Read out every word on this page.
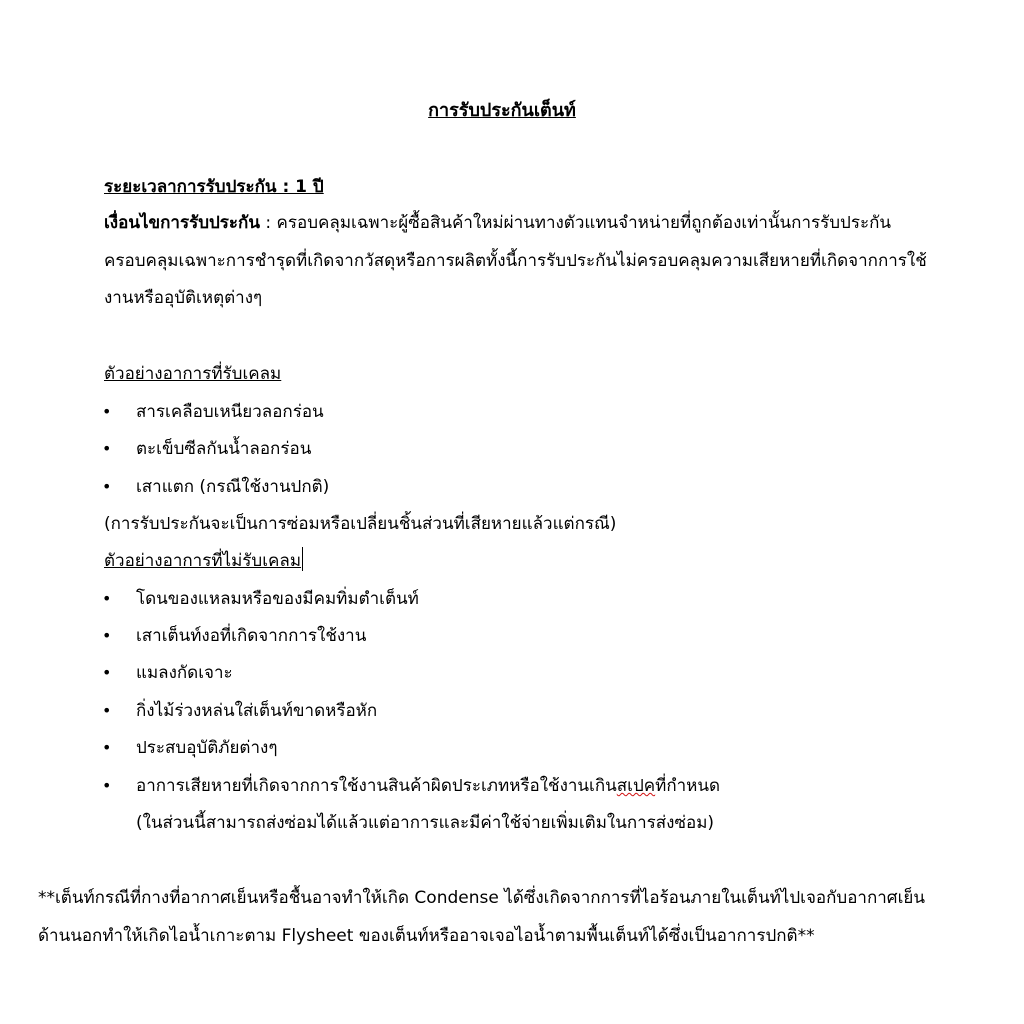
การรับประกันเต็นท์
ระยะเวลาการรับประกัน : 1 ปี
เงื่อนไขการรับประกัน : ครอบคลุมเฉพาะผู้ซื้อสินค้าใหม่ผ่านทางตัวแทนจำหน่ายที่ถูกต้องเท่านั้นการรับประกัน
ครอบคลุมเฉพาะการชำรุดที่เกิดจากวัสดุหรือการผลิตทั้งนี้การรับประกันไม่ครอบคลุมความเสียหายที่เกิดจากการใช้
งานหรืออุบัติเหตุต่างๆ
ตัวอย่างอาการที่รับเคลม
• สารเคลือบเหนียวลอกร่อน
• ตะเข็บซีลกันน้ำลอกร่อน
• เสาแตก (กรณีใช้งานปกติ)
(การรับประกันจะเป็นการซ่อมหรือเปลี่ยนชิ้นส่วนที่เสียหายแล้วแต่กรณี)
ตัวอย่างอาการที่ไม่รับเคลม
• โดนของแหลมหรือของมีคมทิ่มตำเต็นท์
• เสาเต็นท์งอที่เกิดจากการใช้งาน
• แมลงกัดเจาะ
• กิ่งไม้ร่วงหล่นใส่เต็นท์ขาดหรือหัก
• ประสบอุบัติภัยต่างๆ
• อาการเสียหายที่เกิดจากการใช้งานสินค้าผิดประเภทหรือใช้งานเกินสเปคที่กำหนด
(ในส่วนนี้สามารถส่งซ่อมได้แล้วแต่อาการและมีค่าใช้จ่ายเพิ่มเติมในการส่งซ่อม)
**เต็นท์กรณีที่กางที่อากาศเย็นหรือชื้นอาจทำให้เกิด Condense ได้ซึ่งเกิดจากการที่ไอร้อนภายในเต็นท์ไปเจอกับอากาศเย็น
ด้านนอกทำให้เกิดไอน้ำเกาะตาม Flysheet ของเต็นท์หรืออาจเจอไอน้ำตามพื้นเต็นท์ได้ซึ่งเป็นอาการปกติ**
